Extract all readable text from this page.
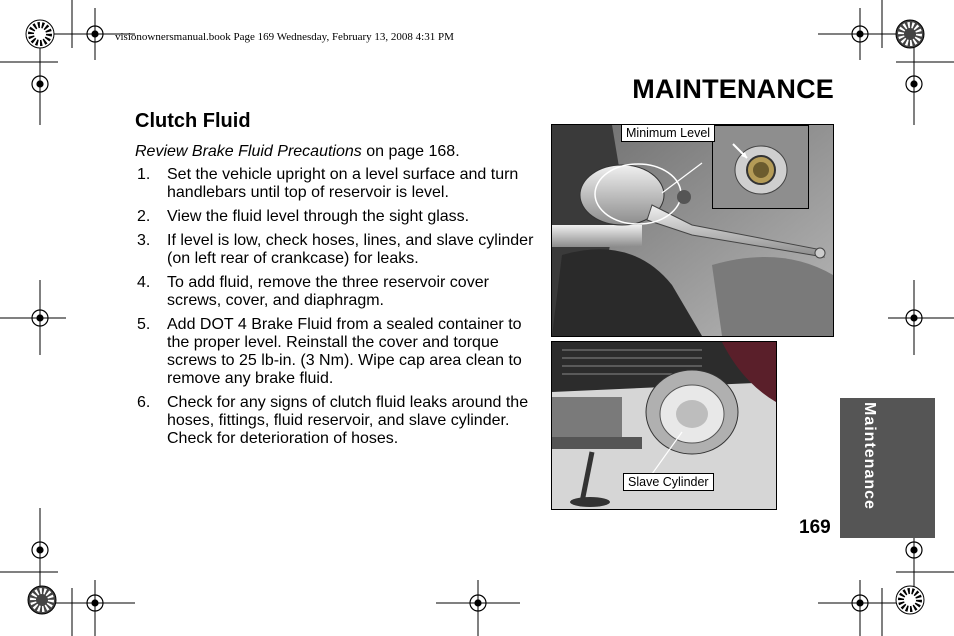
visionownersmanual.book Page 169 Wednesday, February 13, 2008 4:31 PM
MAINTENANCE
Clutch Fluid
Review Brake Fluid Precautions on page 168.
1. Set the vehicle upright on a level surface and turn handlebars until top of reservoir is level.
2. View the fluid level through the sight glass.
3. If level is low, check hoses, lines, and slave cylinder (on left rear of crankcase) for leaks.
4. To add fluid, remove the three reservoir cover screws, cover, and diaphragm.
5. Add DOT 4 Brake Fluid from a sealed container to the proper level. Reinstall the cover and torque screws to 25 lb-in. (3 Nm). Wipe cap area clean to remove any brake fluid.
6. Check for any signs of clutch fluid leaks around the hoses, fittings, fluid reservoir, and slave cylinder. Check for deterioration of hoses.
Minimum Level
Slave Cylinder	Maintenance
169
